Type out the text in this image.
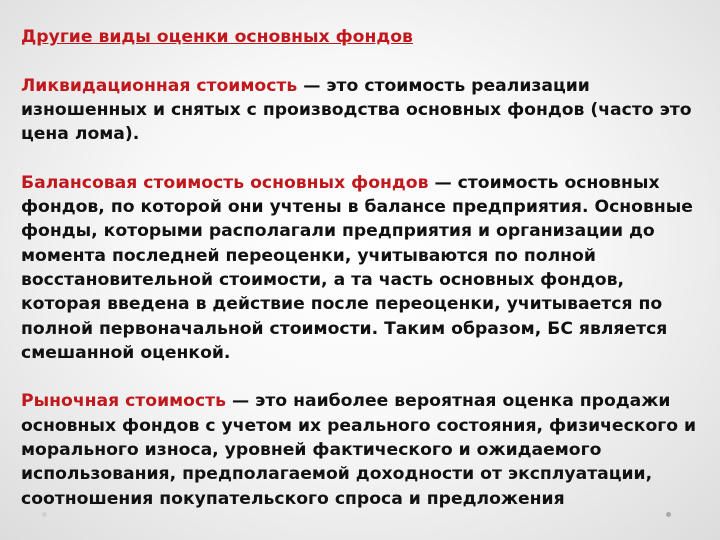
Другие виды оценки основных фондов

Ликвидационная стоимость — это стоимость реализации изношенных и снятых с производства основных фондов (часто это цена лома).

Балансовая стоимость основных фондов — стоимость основных фондов, по которой они учтены в балансе предприятия. Основные фонды, которыми располагали предприятия и организации до момента последней переоценки, учитываются по полной восстановительной стоимости, а та часть основных фондов, которая введена в действие после переоценки, учитывается по полной первоначальной стоимости. Таким образом, БС является смешанной оценкой.

Рыночная стоимость — это наиболее вероятная оценка продажи основных фондов с учетом их реального состояния, физического и морального износа, уровней фактического и ожидаемого использования, предполагаемой доходности от эксплуатации, соотношения покупательского спроса и предложения
